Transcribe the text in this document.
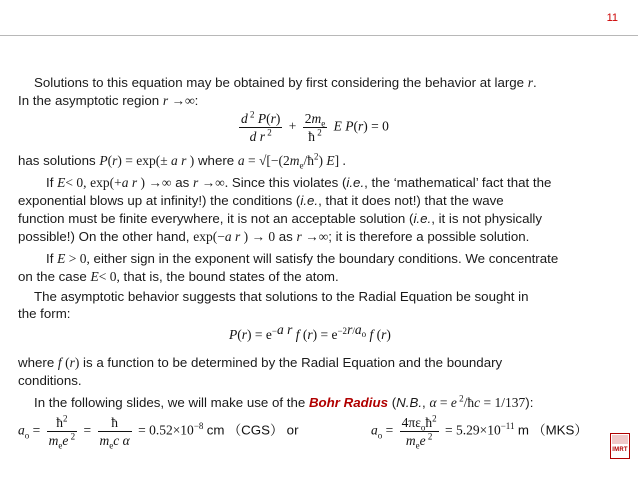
11
Solutions to this equation may be obtained by first considering the behavior at large r.
In the asymptotic region r →∞:
$\frac{d ^2 P(r)}{d r ^2} + \frac{2m_e}{ħ ^2}$ E P(r) = 0
has solutions P(r) = exp(± a r ) where $a = √[-(2m_e/ħ^2)$ E] .
If E< 0, exp(+a r ) →∞ as r →∞. Since this violates (i.e., the ‘mathematical’ fact that the
exponential blows up at infinity!) the conditions (i.e., that it does not!) that the wave
function must be finite everywhere, it is not an acceptable solution (i.e., it is not physically
possible!) On the other hand, exp(−a r ) → 0 as r →∞; it is therefore a possible solution.
If E > 0, either sign in the exponent will satisfy the boundary conditions. We concentrate
on the case E< 0, that is, the bound states of the atom.
The asymptotic behavior suggests that solutions to the Radial Equation be sought in
the form:
$P(r) = e^{-a r}$ f $(r) = e^{-2r/a_o}$ f (r)
where f (r) is a function to be determined by the Radial Equation and the boundary
conditions.
In the following slides, we will make use of the Bohr Radius (N.B., α = e $^2$/ħc = 1/137):
$a_o = \frac{ħ^2}{m_ee ^2} = \frac{ħ}{m_ec \alpha} = 0.52\times 10^{-8}$ cm （CGS） or	$a_o = \frac{4\pi\varepsilon_oħ^2}{m_ee ^2} = 5.29\times 10^{-11}$ m （MKS）
IMRT
